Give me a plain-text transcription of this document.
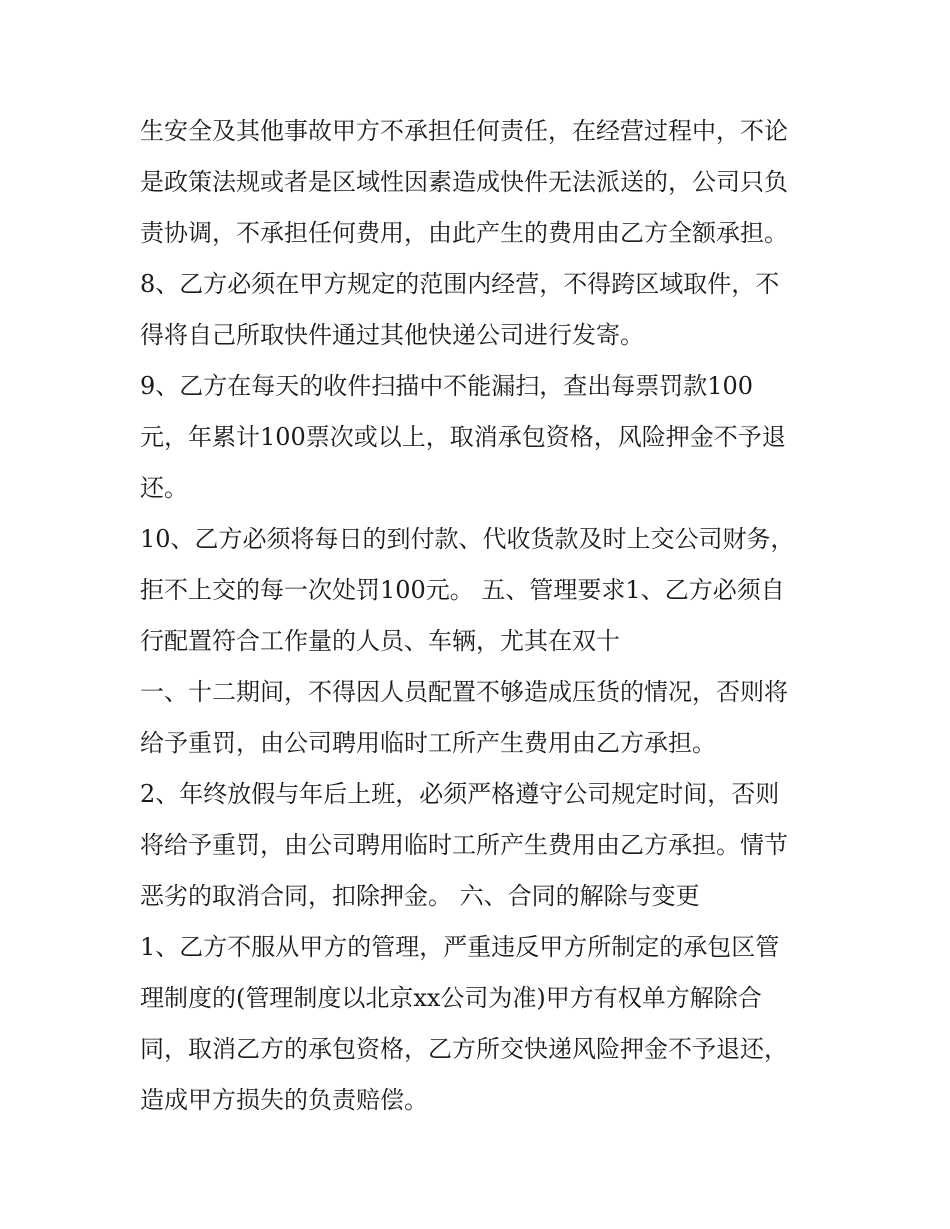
生安全及其他事故甲方不承担任何责任，在经营过程中，不论
是政策法规或者是区域性因素造成快件无法派送的，公司只负
责协调，不承担任何费用，由此产生的费用由乙方全额承担。
8、乙方必须在甲方规定的范围内经营，不得跨区域取件，不
得将自己所取快件通过其他快递公司进行发寄。
9、乙方在每天的收件扫描中不能漏扫，查出每票罚款100
元，年累计100票次或以上，取消承包资格，风险押金不予退
还。
10、乙方必须将每日的到付款、代收货款及时上交公司财务，
拒不上交的每一次处罚100元。 五、管理要求1、乙方必须自
行配置符合工作量的人员、车辆，尤其在双十
一、十二期间，不得因人员配置不够造成压货的情况，否则将
给予重罚，由公司聘用临时工所产生费用由乙方承担。
2、年终放假与年后上班，必须严格遵守公司规定时间，否则
将给予重罚，由公司聘用临时工所产生费用由乙方承担。情节
恶劣的取消合同，扣除押金。 六、合同的解除与变更
1、乙方不服从甲方的管理，严重违反甲方所制定的承包区管
理制度的(管理制度以北京xx公司为准)甲方有权单方解除合
同，取消乙方的承包资格，乙方所交快递风险押金不予退还，
造成甲方损失的负责赔偿。
